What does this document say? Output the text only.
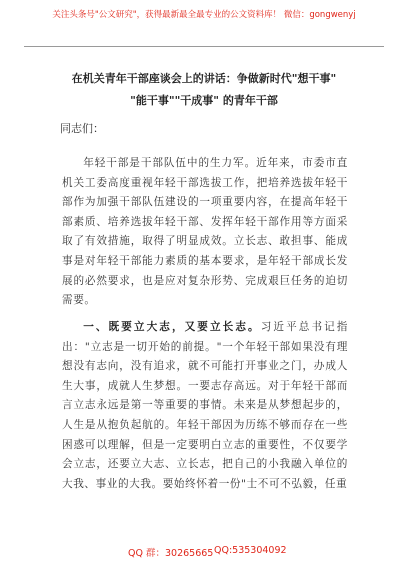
关注头条号"公文研究"，获得最新最全最专业的公文资料库！ 微信：gongwenyj
在机关青年干部座谈会上的讲话：争做新时代"想干事"
"能干事""干成事" 的青年干部
同志们：
年轻干部是干部队伍中的生力军。近年来，市委市直机关工委高度重视年轻干部选拔工作，把培养选拔年轻干部作为加强干部队伍建设的一项重要内容，在提高年轻干部素质、培养选拔年轻干部、发挥年轻干部作用等方面采取了有效措施，取得了明显成效。立长志、敢担事、能成事是对年轻干部能力素质的基本要求，是年轻干部成长发展的必然要求，也是应对复杂形势、完成艰巨任务的迫切需要。
一、既要立大志，又要立长志。习近平总书记指出："立志是一切开始的前提。"一个年轻干部如果没有理想没有志向，没有追求，就不可能打开事业之门，办成人生大事，成就人生梦想。一要志存高远。对于年轻干部而言立志永远是第一等重要的事情。未来是从梦想起步的，人生是从抱负起航的。年轻干部因为历练不够而存在一些困惑可以理解，但是一定要明白立志的重要性，不仅要学会立志，还要立大志、立长志，把自己的小我融入单位的大我、事业的大我。要始终怀着一份"士不可不弘毅，任重
QQ 群：30265665 QQ:535304092
